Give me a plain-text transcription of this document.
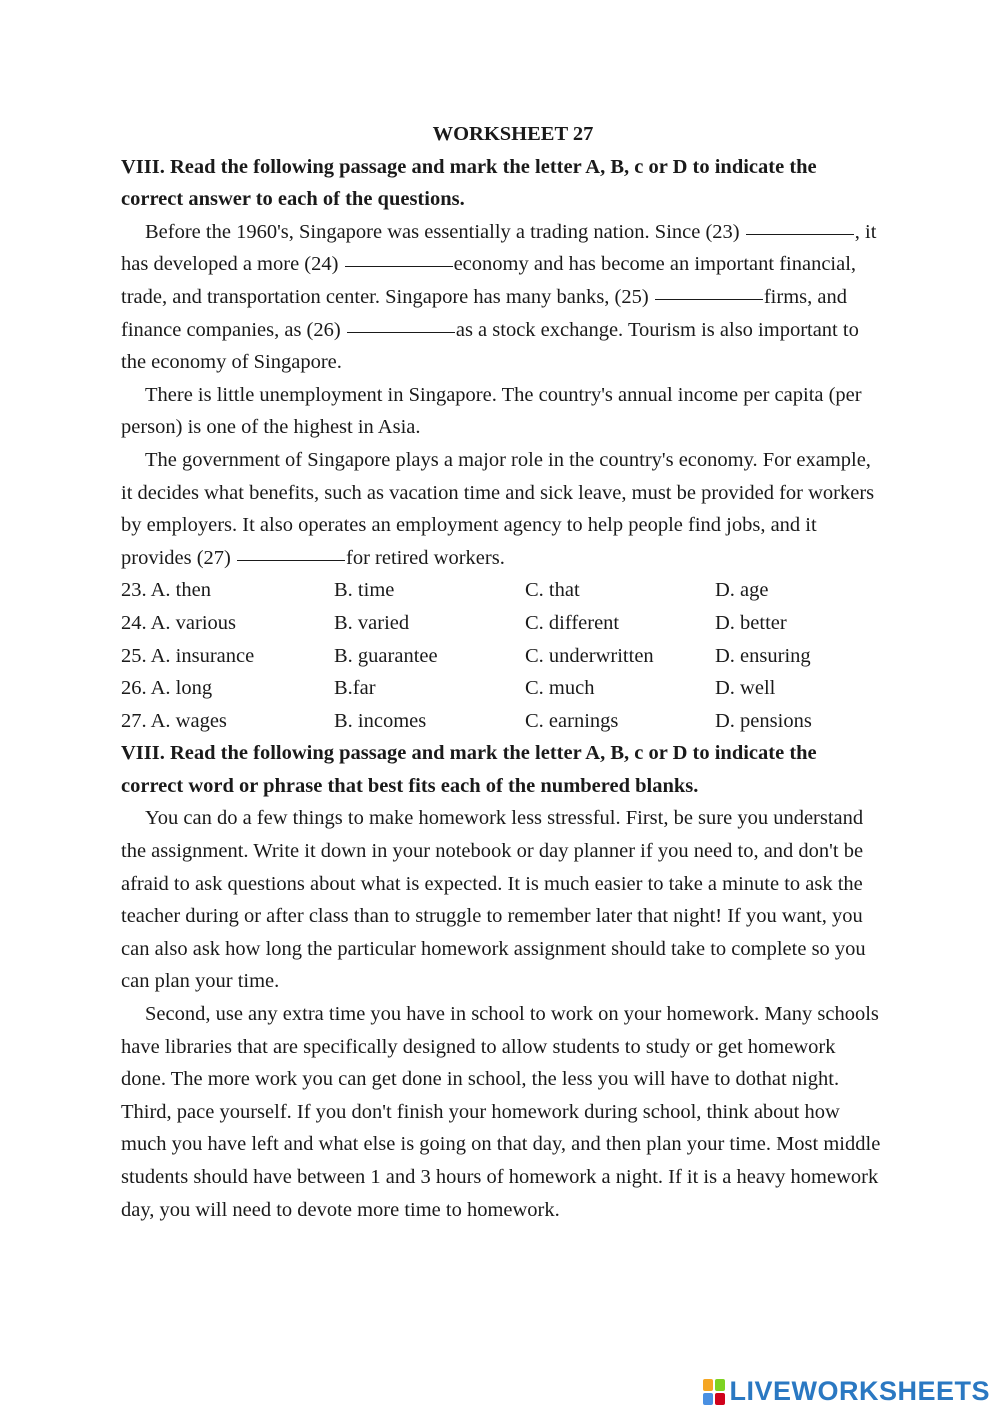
WORKSHEET 27
VIII. Read the following passage and mark the letter A, B, c or D to indicate the correct answer to each of the questions.
Before the 1960's, Singapore was essentially a trading nation. Since (23)	, it has developed a more (24)	economy and has become an important financial, trade, and transportation center. Singapore has many banks, (25)	firms, and finance companies, as (26)	as a stock exchange. Tourism is also important to the economy of Singapore.
There is little unemployment in Singapore. The country's annual income per capita (per person) is one of the highest in Asia.
The government of Singapore plays a major role in the country's economy. For example, it decides what benefits, such as vacation time and sick leave, must be provided for workers by employers. It also operates an employment agency to help people find jobs, and it provides (27)	for retired workers.
23. A. then	B. time	C. that	D. age
24. A. various	B. varied	C. different	D. better
25. A. insurance	B. guarantee	C. underwritten	D. ensuring
26. A. long	B.far	C. much	D. well
27. A. wages	B. incomes	C. earnings	D. pensions
VIII. Read the following passage and mark the letter A, B, c or D to indicate the correct word or phrase that best fits each of the numbered blanks.
You can do a few things to make homework less stressful. First, be sure you understand the assignment. Write it down in your notebook or day planner if you need to, and don't be afraid to ask questions about what is expected. It is much easier to take a minute to ask the teacher during or after class than to struggle to remember later that night! If you want, you can also ask how long the particular homework assignment should take to complete so you can plan your time.
Second, use any extra time you have in school to work on your homework. Many schools have libraries that are specifically designed to allow students to study or get homework done. The more work you can get done in school, the less you will have to dothat night.
Third, pace yourself. If you don't finish your homework during school, think about how much you have left and what else is going on that day, and then plan your time. Most middle students should have between 1 and 3 hours of homework a night. If it is a heavy homework day, you will need to devote more time to homework.
LIVEWORKSHEETS
